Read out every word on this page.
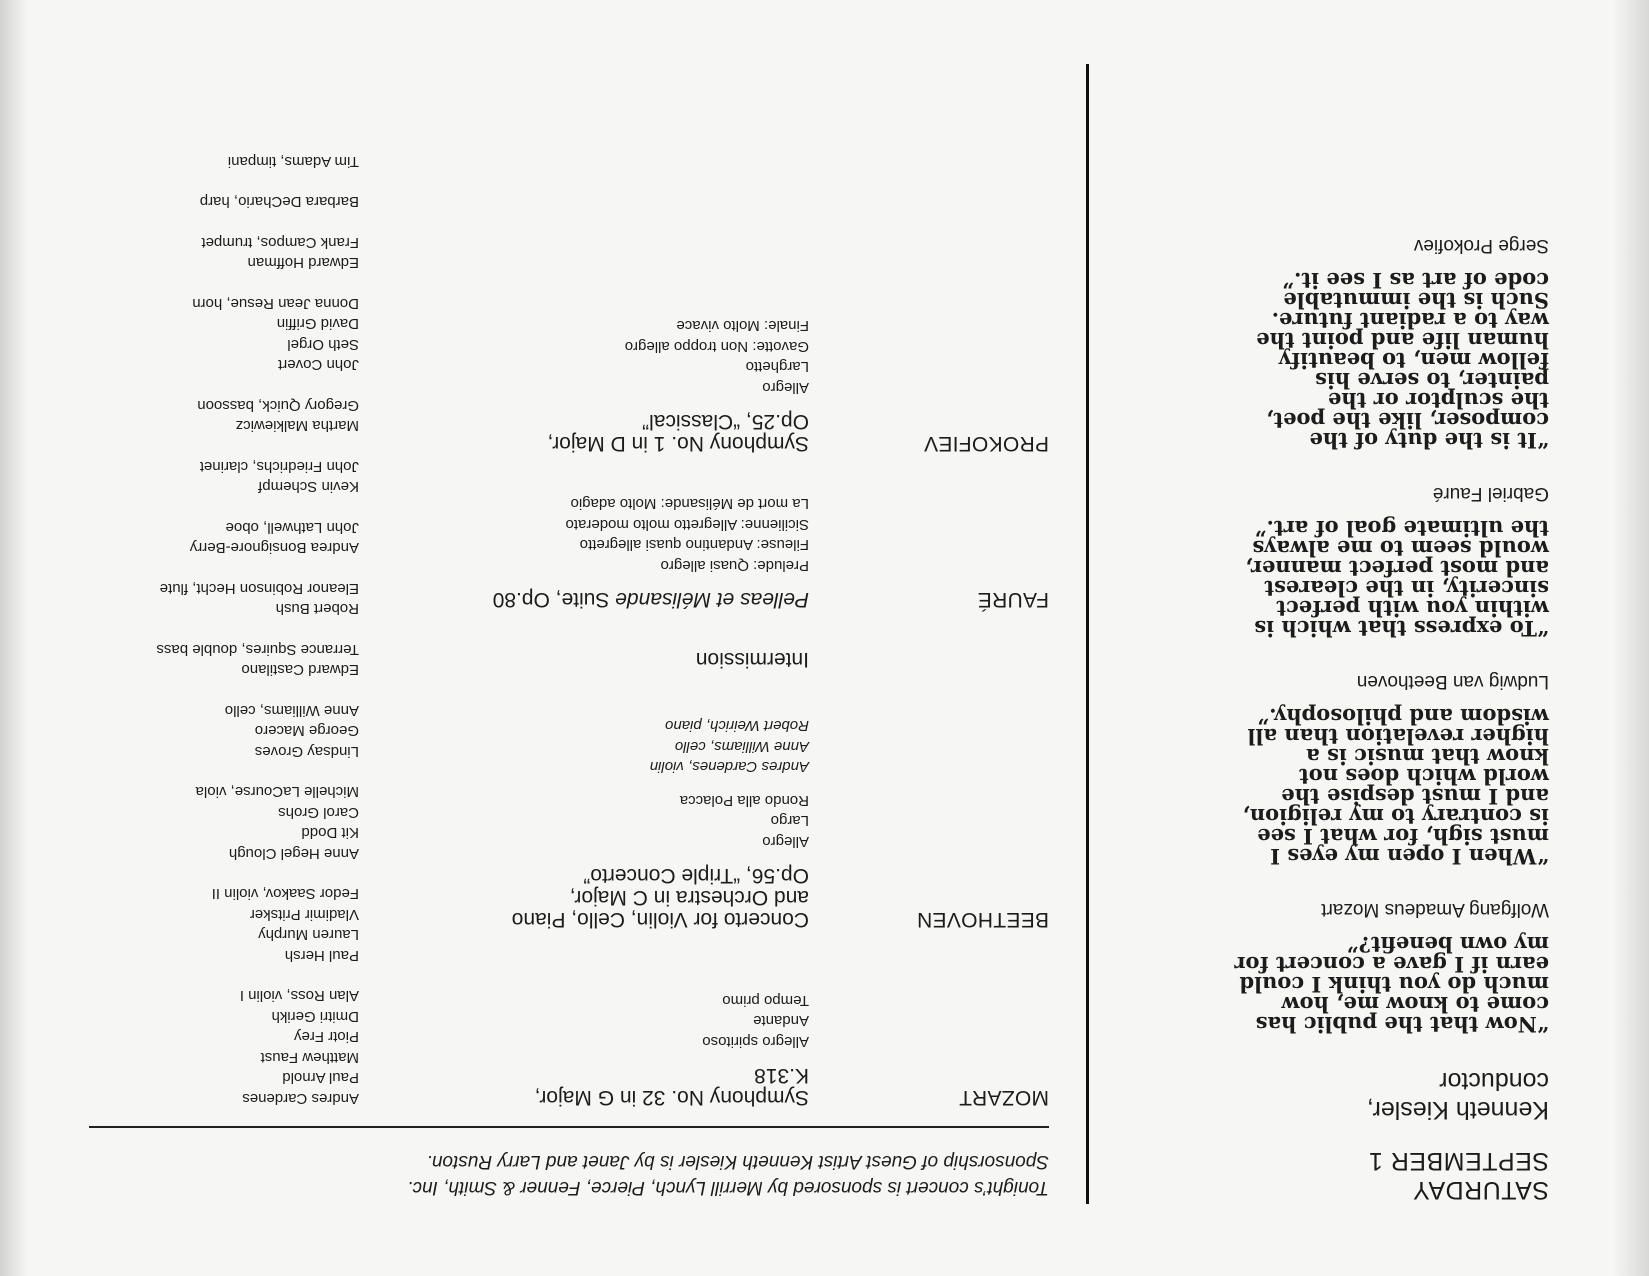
SATURDAY
SEPTEMBER 1
Kenneth Kiesler,
conductor

“Now that the public has
come to know me, how
much do you think I could
earn if I gave a concert for
my own benefit?”

Wolfgang Amadeus Mozart

“When I open my eyes I
must sigh, for what I see
is contrary to my religion,
and I must despise the
world which does not
know that music is a
higher revelation than all
wisdom and philosophy.”

Ludwig van Beethoven

“To express that which is
within you with perfect
sincerity, in the clearest
and most perfect manner,
would seem to me always
the ultimate goal of art.”

Gabriel Fauré

“It is the duty of the
composer, like the poet,
the sculptor or the
painter, to serve his
fellow men, to beautify
human life and point the
way to a radiant future.
Such is the immutable
code of art as I see it.”

Serge Prokofiev
Tonight’s concert is sponsored by Merrill Lynch, Pierce, Fenner & Smith, Inc.
Sponsorship of Guest Artist Kenneth Kiesler is by Janet and Larry Ruston.
MOZART
Symphony No. 32 in G Major,
K.318
Allegro spiritoso
Andante
Tempo primo
BEETHOVEN
Concerto for Violin, Cello, Piano
and Orchestra in C Major,
Op.56, “Triple Concerto”
Allegro
Largo
Rondo alla Polacca
Andres Cardenes, violin
Anne Williams, cello
Robert Weirich, piano
Intermission
FAURÉ
Pelleas et Mélisande Suite, Op.80
Prelude: Quasi allegro
Fileuse: Andantino quasi allegretto
Sicilienne: Allegretto molto moderato
La mort de Mélisande: Molto adagio
PROKOFIEV
Symphony No. 1 in D Major,
Op.25, “Classical”
Allegro
Larghetto
Gavotte: Non troppo allegro
Finale: Molto vivace
Andres Cardenes
Paul Arnold
Matthew Faust
Piotr Frey
Dmitri Gerikh
Alan Ross, violin I
Paul Hersh
Lauren Murphy
Vladimir Pritsker
Fedor Saakov, violin II
Anne Hegel Clough
Kit Dodd
Carol Grohs
Michelle LaCourse, viola
Lindsay Groves
George Macero
Anne Williams, cello
Edward Castilano
Terrance Squires, double bass
Robert Bush
Eleanor Robinson Hecht, flute
Andrea Bonsignore-Berry
John Lathwell, oboe
Kevin Schempf
John Friedrichs, clarinet
Martha Malkiewicz
Gregory Quick, bassoon
John Covert
Seth Orgel
David Griffin
Donna Jean Resue, horn
Edward Hoffman
Frank Campos, trumpet
Barbara DeChario, harp
Tim Adams, timpani
